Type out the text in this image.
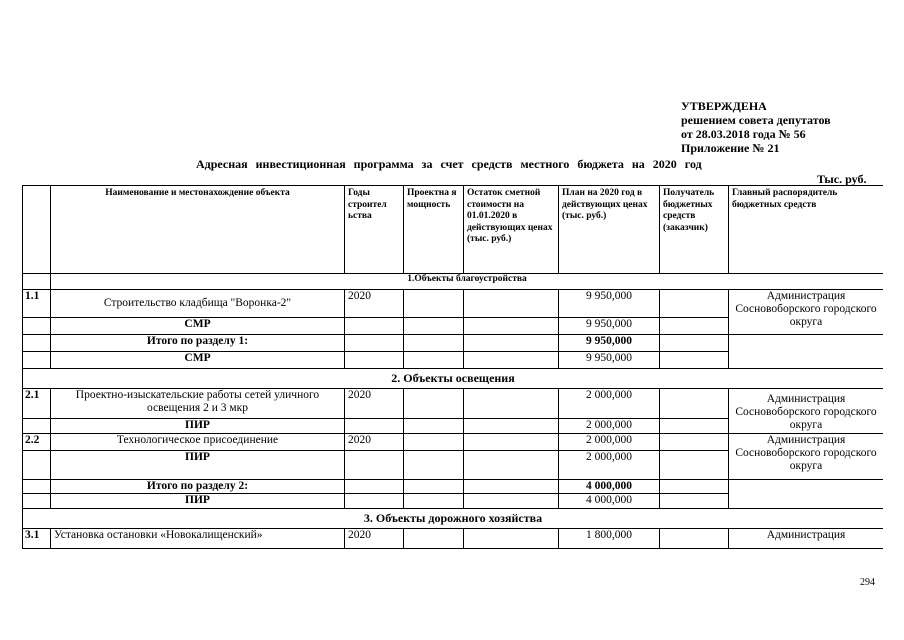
УТВЕРЖДЕНА
решением совета депутатов
от 28.03.2018 года № 56
Приложение № 21
Адресная инвестиционная программа за счет средств местного бюджета на 2020 год
Тыс. руб.
	Наименование и местонахождение объекта	Годы строител ьства	Проектна я мощность	Остаток сметной стоимости на 01.01.2020 в действующих ценах (тыс. руб.)	План на 2020 год в действующих ценах (тыс. руб.)	Получатель бюджетных средств (заказчик)	Главный распорядитель бюджетных средств
	1.Объекты благоустройства						
1.1	Строительство кладбища "Воронка-2"	2020			9 950,000		Администрация Сосновоборского городского округа
	СМР				9 950,000		
	Итого по разделу 1:				9 950,000		
	СМР				9 950,000		
2. Объекты освещения							
2.1	Проектно-изыскательские работы сетей уличного освещения 2 и 3 мкр	2020			2 000,000		Администрация Сосновоборского городского округа
	ПИР				2 000,000		
2.2	Технологическое присоединение	2020			2 000,000		Администрация Сосновоборского городского округа
	ПИР				2 000,000		
	Итого по разделу 2:				4 000,000		
	ПИР				4 000,000		
3. Объекты дорожного хозяйства							
3.1	Установка остановки «Новокалищенский»	2020			1 800,000		Администрация
294
